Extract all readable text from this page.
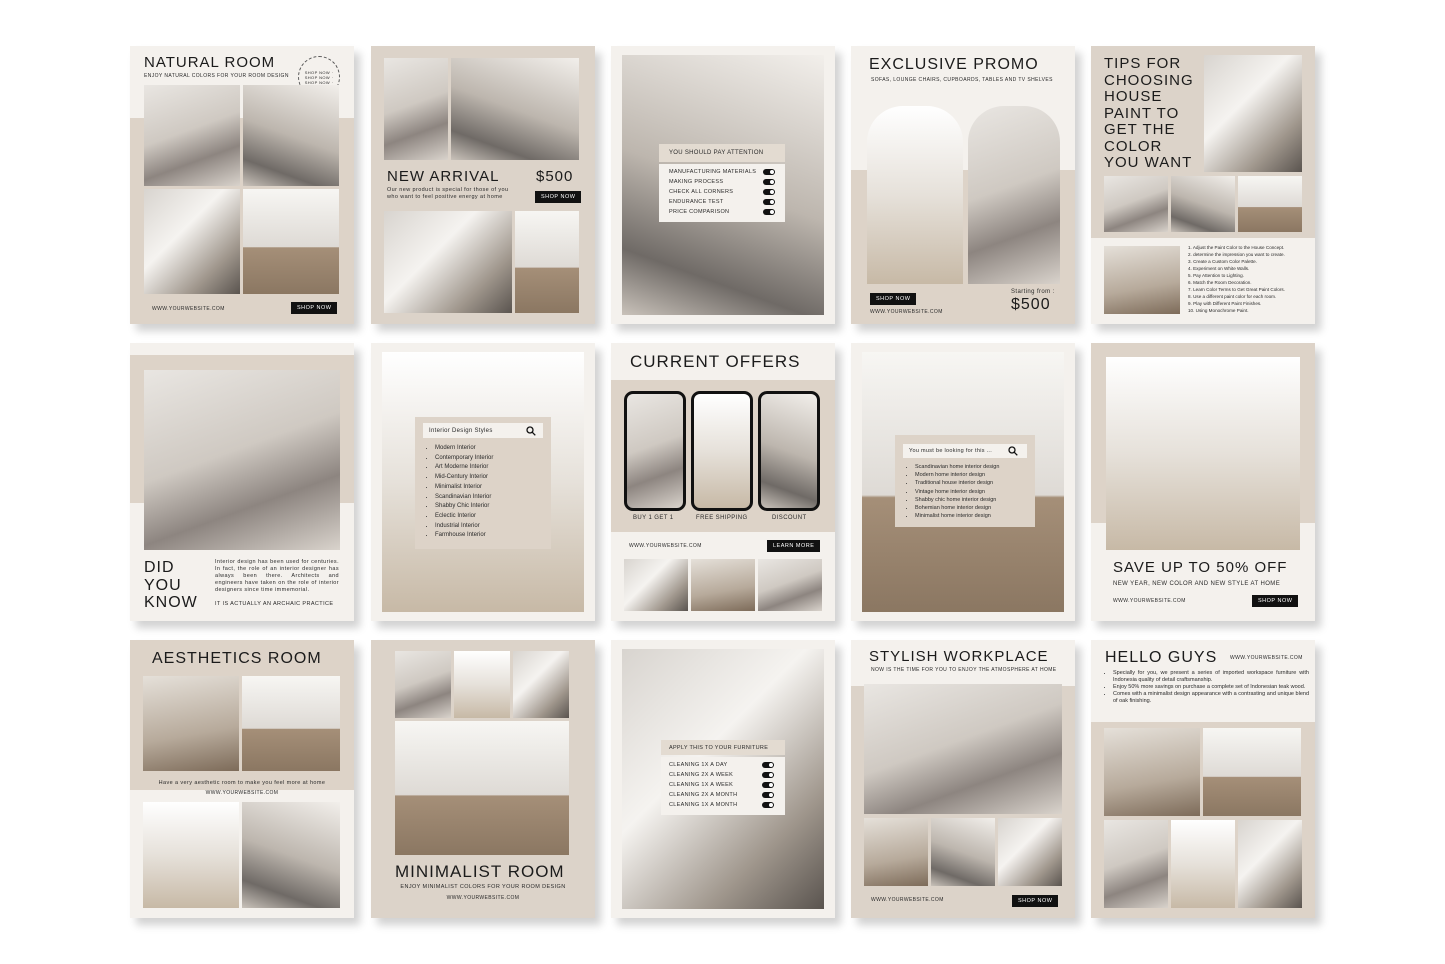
NATURAL ROOM
ENJOY NATURAL COLORS FOR YOUR ROOM DESIGN
SHOP NOW · SHOP NOW · SHOP NOW ·
WWW.YOURWEBSITE.COM	SHOP NOW
NEW ARRIVAL $500
Our new product is special for those of you who want to feel positive energy at home	SHOP NOW
YOU SHOULD PAY ATTENTION
MANUFACTURING MATERIALS
MAKING PROCESS
CHECK ALL CORNERS
ENDURANCE TEST
PRICE COMPARISON
EXCLUSIVE PROMO
SOFAS, LOUNGE CHAIRS, CUPBOARDS, TABLES AND TV SHELVES
SHOP NOW
Starting from :
$500
WWW.YOURWEBSITE.COM
TIPS FOR
CHOOSING
HOUSE
PAINT TO
GET THE
COLOR
YOU WANT
1. Adjust the Paint Color to the House Concept.
2. determine the impression you want to create.
3. Create a Custom Color Palette.
4. Experiment on White Walls.
5. Pay Attention to Lighting.
6. Match the Room Decoration.
7. Learn Color Terms to Get Great Paint Colors.
8. Use a different paint color for each room.
9. Play with Different Paint Finishes.
10. Using Monochrome Paint.
DID
YOU
KNOW
Interior design has been used for centuries. In fact, the role of an interior designer has always been there. Architects and engineers have taken on the role of interior designers since time immemorial.
IT IS ACTUALLY AN ARCHAIC PRACTICE
Interior Design Styles
• Modern Interior
• Contemporary Interior
• Art Moderne Interior
• Mid-Century Interior
• Minimalist Interior
• Scandinavian Interior
• Shabby Chic Interior
• Eclectic Interior
• Industrial Interior
• Farmhouse Interior
CURRENT OFFERS
BUY 1 GET 1	FREE SHIPPING	DISCOUNT
WWW.YOURWEBSITE.COM	LEARN MORE
You must be looking for this ...
• Scandinavian home interior design
• Modern home interior design
• Traditional house interior design
• Vintage home interior design
• Shabby chic home interior design
• Bohemian home interior design
• Minimalist home interior design
SAVE UP TO 50% OFF
NEW YEAR, NEW COLOR AND NEW STYLE AT HOME
WWW.YOURWEBSITE.COM	SHOP NOW
AESTHETICS ROOM
Have a very aesthetic room to make you feel more at home
WWW.YOURWEBSITE.COM
MINIMALIST ROOM
ENJOY MINIMALIST COLORS FOR YOUR ROOM DESIGN
WWW.YOURWEBSITE.COM
APPLY THIS TO YOUR FURNITURE
CLEANING 1X A DAY
CLEANING 2X A WEEK
CLEANING 1X A WEEK
CLEANING 2X A MONTH
CLEANING 1X A MONTH
STYLISH WORKPLACE
NOW IS THE TIME FOR YOU TO ENJOY THE ATMOSPHERE AT HOME
WWW.YOURWEBSITE.COM	SHOP NOW
HELLO GUYS	WWW.YOURWEBSITE.COM
• Specially for you, we present a series of imported workspace furniture with Indonesia quality of detail craftsmanship.
• Enjoy 50% more savings on purchase a complete set of Indonesian teak wood.
• Comes with a minimalist design appearance with a contrasting and unique blend of oak finishing.
